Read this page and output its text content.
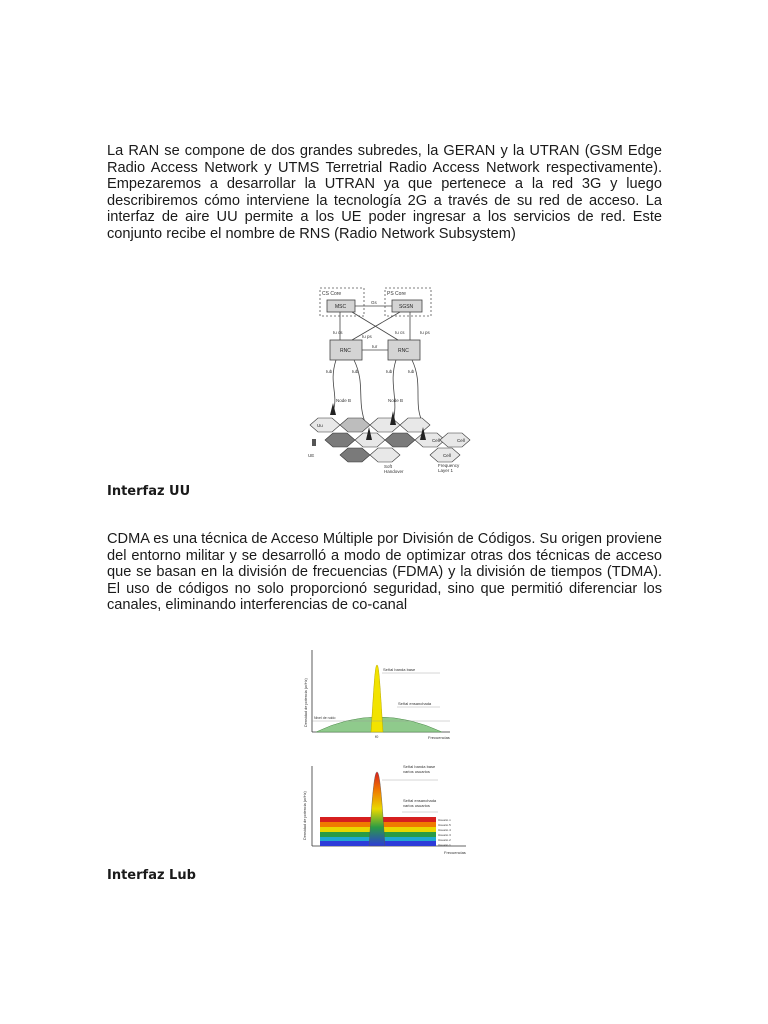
La RAN se compone de dos grandes subredes, la GERAN y la UTRAN (GSM Edge Radio Access Network y UTMS Terretrial Radio Access Network respectivamente). Empezaremos a desarrollar la UTRAN ya que pertenece a la red 3G y luego describiremos cómo interviene la tecnología 2G a través de su red de acceso. La interfaz de aire UU permite a los UE poder ingresar a los servicios de red. Este conjunto recibe el nombre de RNS (Radio Network Subsystem)

CS Core	PS Core
MSC	SGSN
Gs
RNC	RNC
Iur
Iu cs
Iu ps
Iu cs	Iu ps
Iub	Iub	Iub	Iub
Node B	Node B
Uu
UE
Cell
Cell
Cell
Soft Handover
Frequency Layer 1

Interfaz UU

CDMA es una técnica de Acceso Múltiple por División de Códigos. Su origen proviene del entorno militar y se desarrolló a modo de optimizar otras dos técnicas de acceso que se basan en la división de frecuencias (FDMA) y la división de tiempos (TDMA). El uso de códigos no solo proporcionó seguridad, sino que permitió diferenciar los canales, eliminando interferencias de co-canal

Densidad de potencia (w/Hz)
Señal banda base
Señal ensanchada
Nivel de ruido
f0	Frecuencias
Densidad de potencia (w/Hz)
Señal banda base varios usuarios
Señal ensanchada varios usuarios
Usuario n
Usuario 5
Usuario 4
Usuario 3
Usuario 2
Usuario 1
Frecuencias

Interfaz Lub
